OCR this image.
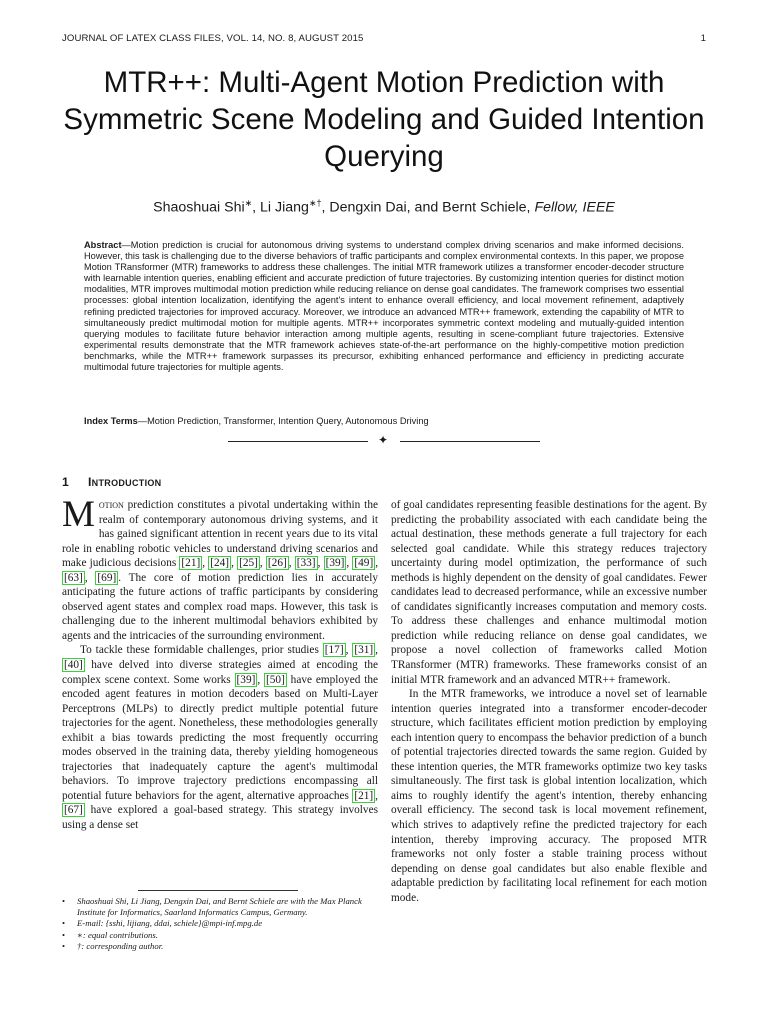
JOURNAL OF LATEX CLASS FILES, VOL. 14, NO. 8, AUGUST 2015	1
MTR++: Multi-Agent Motion Prediction with Symmetric Scene Modeling and Guided Intention Querying
Shaoshuai Shi∗, Li Jiang∗†, Dengxin Dai, and Bernt Schiele, Fellow, IEEE
Abstract—Motion prediction is crucial for autonomous driving systems to understand complex driving scenarios and make informed decisions. However, this task is challenging due to the diverse behaviors of traffic participants and complex environmental contexts. In this paper, we propose Motion TRansformer (MTR) frameworks to address these challenges. The initial MTR framework utilizes a transformer encoder-decoder structure with learnable intention queries, enabling efficient and accurate prediction of future trajectories. By customizing intention queries for distinct motion modalities, MTR improves multimodal motion prediction while reducing reliance on dense goal candidates. The framework comprises two essential processes: global intention localization, identifying the agent's intent to enhance overall efficiency, and local movement refinement, adaptively refining predicted trajectories for improved accuracy. Moreover, we introduce an advanced MTR++ framework, extending the capability of MTR to simultaneously predict multimodal motion for multiple agents. MTR++ incorporates symmetric context modeling and mutually-guided intention querying modules to facilitate future behavior interaction among multiple agents, resulting in scene-compliant future trajectories. Extensive experimental results demonstrate that the MTR framework achieves state-of-the-art performance on the highly-competitive motion prediction benchmarks, while the MTR++ framework surpasses its precursor, exhibiting enhanced performance and efficiency in predicting accurate multimodal future trajectories for multiple agents.
Index Terms—Motion Prediction, Transformer, Intention Query, Autonomous Driving
✦
1 Introduction

Motion prediction constitutes a pivotal undertaking within the realm of contemporary autonomous driving systems, and it has gained significant attention in recent years due to its vital role in enabling robotic vehicles to understand driving scenarios and make judicious decisions [21] , [24] , [25] , [26] , [33] , [39] , [49] , [63] , [69] . The core of motion prediction lies in accurately anticipating the future actions of traffic participants by considering observed agent states and complex road maps. However, this task is challenging due to the inherent multimodal behaviors exhibited by agents and the intricacies of the surrounding environment.

To tackle these formidable challenges, prior studies [17] , [31] , [40] have delved into diverse strategies aimed at encoding the complex scene context. Some works [39] , [50] have employed the encoded agent features in motion decoders based on Multi-Layer Perceptrons (MLPs) to directly predict multiple potential future trajectories for the agent. Nonetheless, these methodologies generally exhibit a bias towards predicting the most frequently occurring modes observed in the training data, thereby yielding homogeneous trajectories that inadequately capture the agent's multimodal behaviors. To improve trajectory predictions encompassing all potential future behaviors for the agent, alternative approaches [21] , [67] have explored a goal-based strategy. This strategy involves using a dense set

of goal candidates representing feasible destinations for the agent. By predicting the probability associated with each candidate being the actual destination, these methods generate a full trajectory for each selected goal candidate. While this strategy reduces trajectory uncertainty during model optimization, the performance of such methods is highly dependent on the density of goal candidates. Fewer candidates lead to decreased performance, while an excessive number of candidates significantly increases computation and memory costs. To address these challenges and enhance multimodal motion prediction while reducing reliance on dense goal candidates, we propose a novel collection of frameworks called Motion TRansformer (MTR) frameworks. These frameworks consist of an initial MTR framework and an advanced MTR++ framework.

In the MTR frameworks, we introduce a novel set of learnable intention queries integrated into a transformer encoder-decoder structure, which facilitates efficient motion prediction by employing each intention query to encompass the behavior prediction of a bunch of potential trajectories directed towards the same region. Guided by these intention queries, the MTR frameworks optimize two key tasks simultaneously. The first task is global intention localization, which aims to roughly identify the agent's intention, thereby enhancing overall efficiency. The second task is local movement refinement, which strives to adaptively refine the predicted trajectory for each intention, thereby improving accuracy. The proposed MTR frameworks not only foster a stable training process without depending on dense goal candidates but also enable flexible and adaptable prediction by facilitating local refinement for each motion mode.

•	Shaoshuai Shi, Li Jiang, Dengxin Dai, and Bernt Schiele are with the Max Planck Institute for Informatics, Saarland Informatics Campus, Germany.
•	E-mail: {sshi, lijiang, ddai, schiele}@mpi-inf.mpg.de
•	∗: equal contributions.
•	†: corresponding author.
